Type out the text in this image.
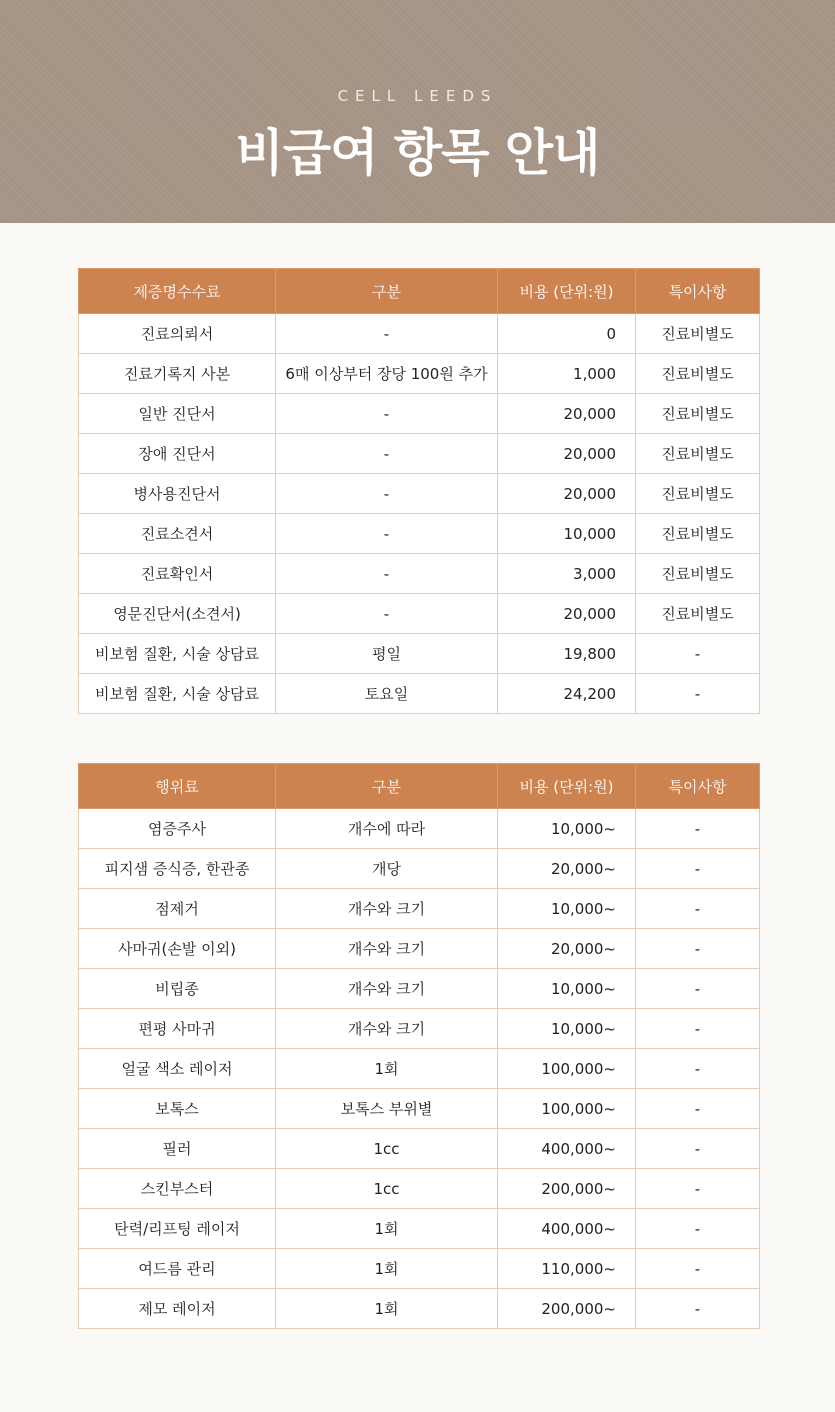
CELL LEEDS
비급여 항목 안내
제증명수수료	구분	비용 (단위:원)	특이사항
진료의뢰서	-	0	진료비별도
진료기록지 사본	6매 이상부터 장당 100원 추가	1,000	진료비별도
일반 진단서	-	20,000	진료비별도
장애 진단서	-	20,000	진료비별도
병사용진단서	-	20,000	진료비별도
진료소견서	-	10,000	진료비별도
진료확인서	-	3,000	진료비별도
영문진단서(소견서)	-	20,000	진료비별도
비보험 질환, 시술 상담료	평일	19,800	-
비보험 질환, 시술 상담료	토요일	24,200	-
행위료	구분	비용 (단위:원)	특이사항
염증주사	개수에 따라	10,000~	-
피지샘 증식증, 한관종	개당	20,000~	-
점제거	개수와 크기	10,000~	-
사마귀(손발 이외)	개수와 크기	20,000~	-
비립종	개수와 크기	10,000~	-
편평 사마귀	개수와 크기	10,000~	-
얼굴 색소 레이저	1회	100,000~	-
보톡스	보톡스 부위별	100,000~	-
필러	1cc	400,000~	-
스킨부스터	1cc	200,000~	-
탄력/리프팅 레이저	1회	400,000~	-
여드름 관리	1회	110,000~	-
제모 레이저	1회	200,000~	-
